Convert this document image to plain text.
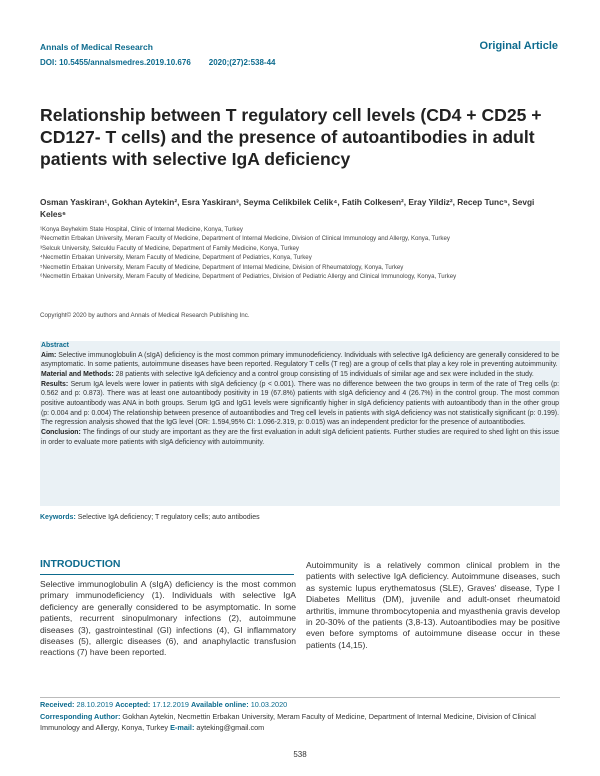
Annals of Medical Research
DOI: 10.5455/annalsmedres.2019.10.676 2020;(27)2:538-44
Original Article
Relationship between T regulatory cell levels (CD4 + CD25 + CD127- T cells) and the presence of autoantibodies in adult patients with selective IgA deficiency
Osman Yaskiran¹, Gokhan Aytekin², Esra Yaskiran³, Seyma Celikbilek Celik⁴, Fatih Colkesen², Eray Yildiz², Recep Tunc⁵, Sevgi Keles⁶
¹Konya Beyhekim State Hospital, Clinic of Internal Medicine, Konya, Turkey
²Necmettin Erbakan University, Meram Faculty of Medicine, Department of Internal Medicine, Division of Clinical Immunology and Allergy, Konya, Turkey
³Selcuk University, Selcuklu Faculty of Medicine, Department of Family Medicine, Konya, Turkey
⁴Necmettin Erbakan University, Meram Faculty of Medicine, Department of Pediatrics, Konya, Turkey
⁵Necmettin Erbakan University, Meram Faculty of Medicine, Department of Internal Medicine, Division of Rheumatology, Konya, Turkey
⁶Necmettin Erbakan University, Meram Faculty of Medicine, Department of Pediatrics, Division of Pediatric Allergy and Clinical Immunology, Konya, Turkey
Copyright© 2020 by authors and Annals of Medical Research Publishing Inc.
Abstract
Aim: Selective immunoglobulin A (sIgA) deficiency is the most common primary immunodeficiency. Individuals with selective IgA deficiency are generally considered to be asymptomatic. In some patients, autoimmune diseases have been reported. Regulatory T cells (T reg) are a group of cells that play a key role in preventing autoimmunity.
Material and Methods: 28 patients with selective IgA deficiency and a control group consisting of 15 individuals of similar age and sex were included in the study.
Results: Serum IgA levels were lower in patients with sIgA deficiency (p < 0.001). There was no difference between the two groups in term of the rate of Treg cells (p: 0.562 and p: 0.873). There was at least one autoantibody positivity in 19 (67.8%) patients with sIgA deficiency and 4 (26.7%) in the control group. The most common positive autoantibody was ANA in both groups. Serum IgG and IgG1 levels were significantly higher in sIgA deficiency patients with autoantibody than in the other group (p: 0.004 and p: 0.004) The relationship between presence of autoantibodies and Treg cell levels in patients with sIgA deficiency was not statistically significant (p: 0.199). The regression analysis showed that the IgG level (OR: 1.594,95% CI: 1.096-2.319, p: 0.015) was an independent predictor for the presence of autoantibodies.
Conclusion: The findings of our study are important as they are the first evaluation in adult sIgA deficient patients. Further studies are required to shed light on this issue in order to evaluate more patients with sIgA deficiency with autoimmunity.
Keywords: Selective IgA deficiency; T regulatory cells; auto antibodies
INTRODUCTION
Selective immunoglobulin A (sIgA) deficiency is the most common primary immunodeficiency (1). Individuals with selective IgA deficiency are generally considered to be asymptomatic. In some patients, recurrent sinopulmonary infections (2), autoimmune diseases (3), gastrointestinal (GI) infections (4), GI inflammatory diseases (5), allergic diseases (6), and anaphylactic transfusion reactions (7) have been reported.
Autoimmunity is a relatively common clinical problem in the patients with selective IgA deficiency. Autoimmune diseases, such as systemic lupus erythematosus (SLE), Graves' disease, Type I Diabetes Mellitus (DM), juvenile and adult-onset rheumatoid arthritis, immune thrombocytopenia and myasthenia gravis develop in 20-30% of the patients (3,8-13). Autoantibodies may be positive even before symptoms of autoimmune disease occur in these patients (14,15).
Received: 28.10.2019 Accepted: 17.12.2019 Available online: 10.03.2020
Corresponding Author: Gokhan Aytekin, Necmettin Erbakan University, Meram Faculty of Medicine, Department of Internal Medicine, Division of Clinical Immunology and Allergy, Konya, Turkey E-mail: ayteking@gmail.com
538
